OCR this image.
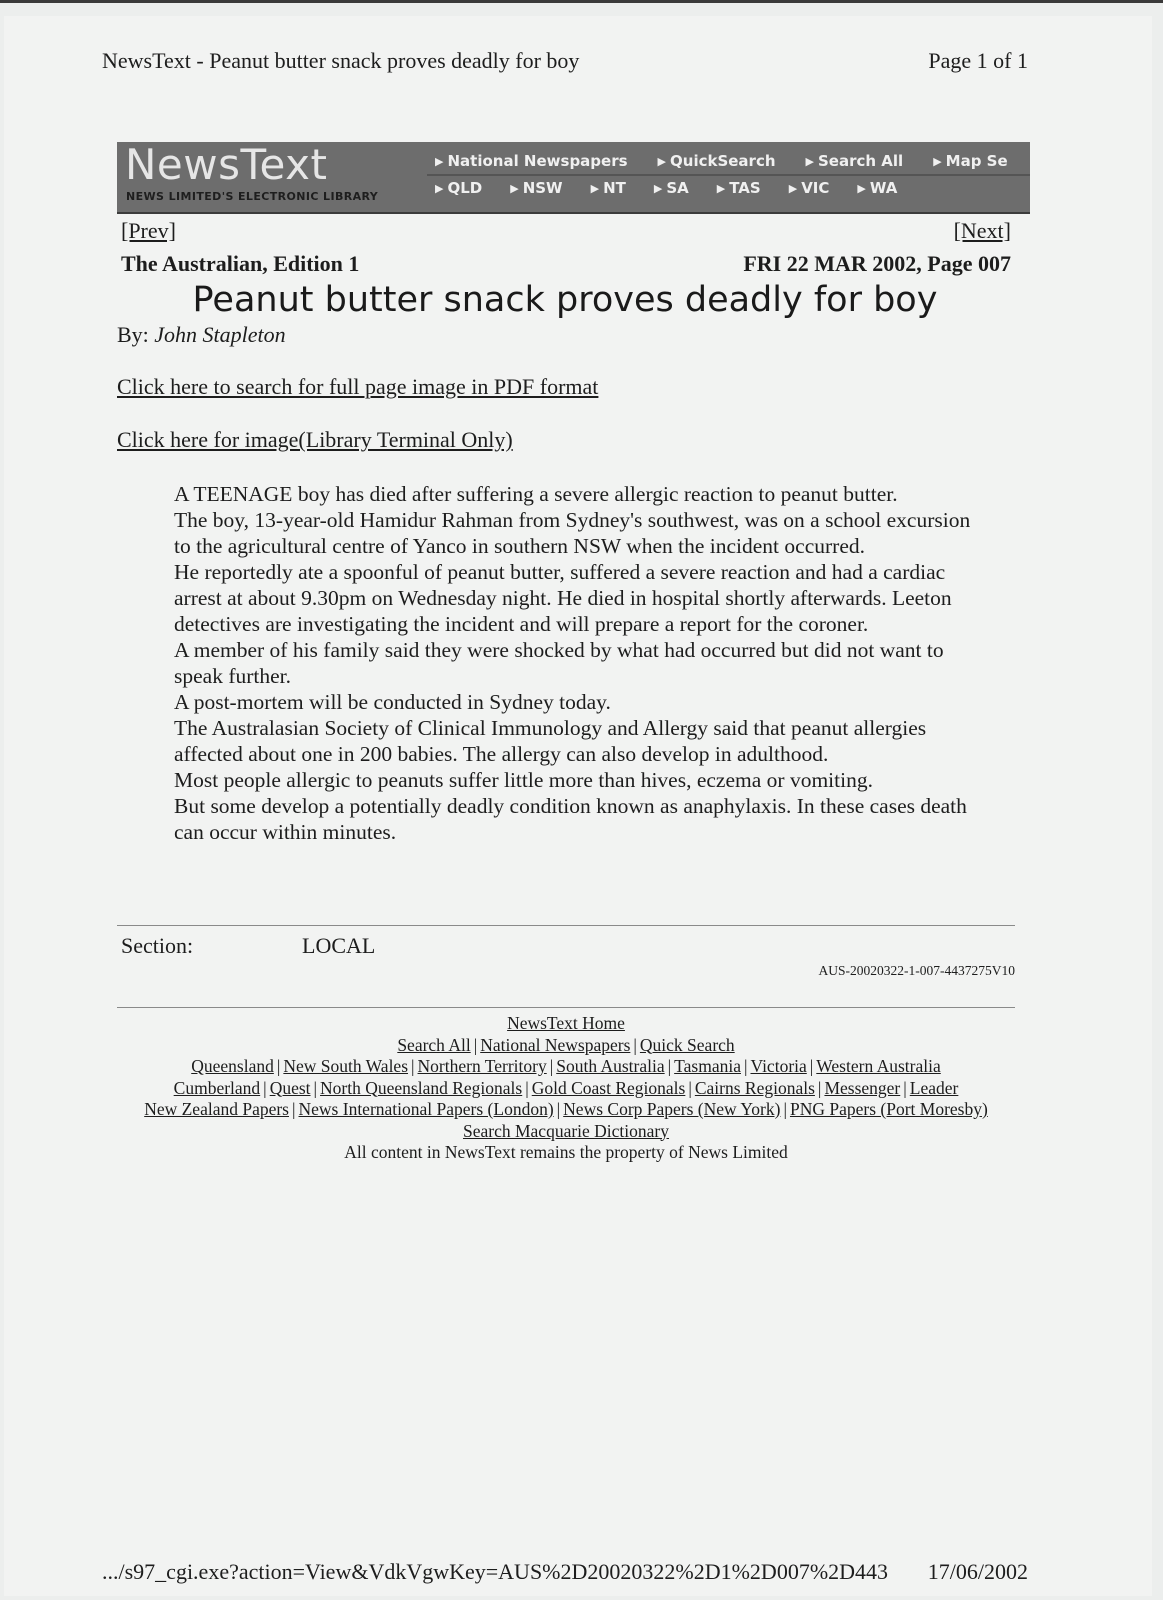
NewsText - Peanut butter snack proves deadly for boy	Page 1 of 1
NewsText
NEWS LIMITED'S ELECTRONIC LIBRARY
▶ National Newspapers	▶ QuickSearch	▶ Search All	▶ Map Se
▶ QLD	▶ NSW	▶ NT	▶ SA	▶ TAS	▶ VIC	▶ WA
[Prev]	[Next]
The Australian, Edition 1	FRI 22 MAR 2002, Page 007
Peanut butter snack proves deadly for boy
By: John Stapleton
Click here to search for full page image in PDF format
Click here for image(Library Terminal Only)

A TEENAGE boy has died after suffering a severe allergic reaction to peanut butter.

The boy, 13-year-old Hamidur Rahman from Sydney's southwest, was on a school excursion to the agricultural centre of Yanco in southern NSW when the incident occurred.

He reportedly ate a spoonful of peanut butter, suffered a severe reaction and had a cardiac arrest at about 9.30pm on Wednesday night. He died in hospital shortly afterwards. Leeton detectives are investigating the incident and will prepare a report for the coroner.

A member of his family said they were shocked by what had occurred but did not want to speak further.

A post-mortem will be conducted in Sydney today.

The Australasian Society of Clinical Immunology and Allergy said that peanut allergies affected about one in 200 babies. The allergy can also develop in adulthood.

Most people allergic to peanuts suffer little more than hives, eczema or vomiting.

But some develop a potentially deadly condition known as anaphylaxis. In these cases death can occur within minutes.

Section:	LOCAL
AUS-20020322-1-007-4437275V10
NewsText Home
Search All | National Newspapers | Quick Search
Queensland | New South Wales | Northern Territory | South Australia | Tasmania | Victoria | Western Australia
Cumberland | Quest | North Queensland Regionals | Gold Coast Regionals | Cairns Regionals | Messenger | Leader
New Zealand Papers | News International Papers (London) | News Corp Papers (New York) | PNG Papers (Port Moresby)
Search Macquarie Dictionary
All content in NewsText remains the property of News Limited
.../s97_cgi.exe?action=View&VdkVgwKey=AUS%2D20020322%2D1%2D007%2D443 17/06/2002
